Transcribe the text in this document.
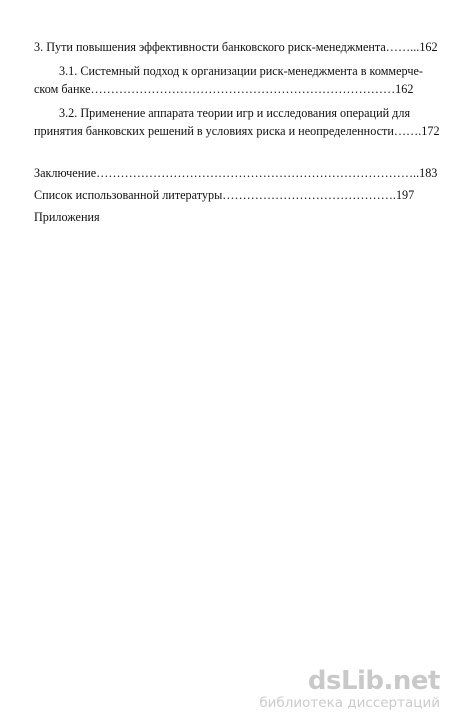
3. Пути повышения эффективности банковского риск-менеджмента……...162
3.1. Системный подход к организации риск-менеджмента в коммерче-
ском банке…………………………………………………………………162
3.2. Применение аппарата теории игр и исследования операций для
принятия банковских решений в условиях риска и неопределенности…….172
Заключение……………………………………………………………………..183
Список использованной литературы…………………………………….197
Приложения
dsLib.net
библиотека диссертаций
